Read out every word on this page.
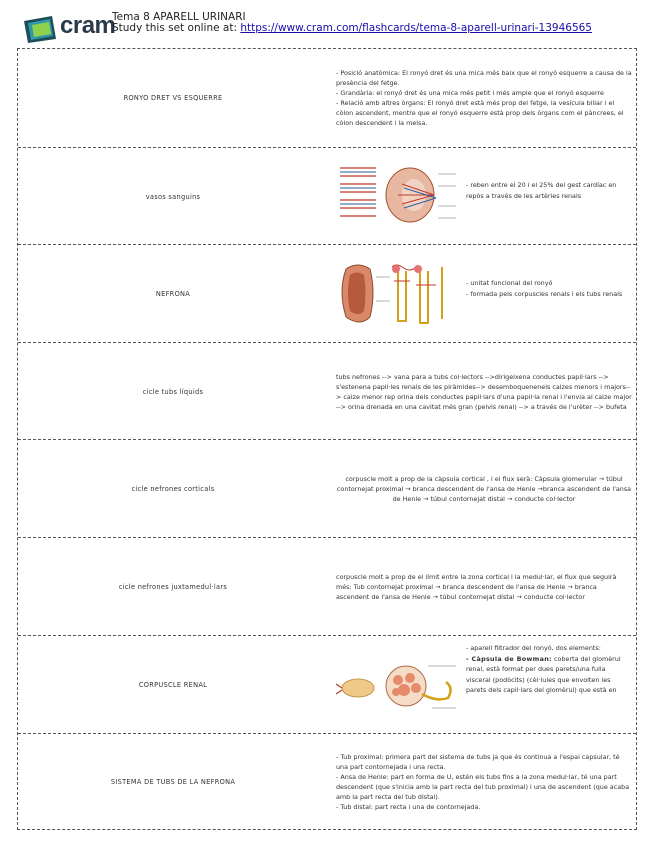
cram
Tema 8 APARELL URINARI
Study this set online at: https://www.cram.com/flashcards/tema-8-aparell-urinari-13946565
RONYO DRET VS ESQUERRE

- Posició anatòmica: El ronyó dret és una mica més baix que el ronyó esquerre a causa de la presència del fetge.

- Grandària: el ronyó dret és una mica més petit i més ample que el ronyó esquerre

- Relació amb altres òrgans: El ronyó dret està més prop del fetge, la vesícula biliar i el còlon ascendent, mentre que el ronyó esquerre està prop dels òrgans com el pàncrees, el còlon descendent i la melsa.

vasos sanguins
- reben entre el 20 i el 25% del gest cardíac en repòs a través de les artèries renals
NEFRONA
- unitat funcional del ronyó
- formada pels corpuscles renals i els tubs renals
cicle tubs líquids

tubs nefrones --> vana para a tubs col·lectors -->dirigeixena conductes papil·lars --> s'estenena papil·les renals de les piràmides--> desemboquenenels calzes menors i majors--> calze menor rep orina dels conductes papil·lars d'una papil·la renal i l'envia al calze major --> orina drenada en una cavitat més gran (pelvis renal) --> a través de l'urèter --> bufeta

cicle nefrones corticals

corpuscle molt a prop de la càpsula cortical , i el flux serà: Càpsula glomerular → túbul contornejat proximal → branca descendent de l'ansa de Henle →branca ascendent de l'ansa de Henle → túbul contornejat distal → conducte col·lector

cicle nefrones juxtamedul·lars

corpuscle molt a prop de el límit entre la zona cortical i la medul·lar, el flux que seguirà més: Tub contornejat proximal → branca descendent de l'ansa de Henle → branca ascendent de l'ansa de Henle → túbul contornejat distal → conducte col·lector

CORPUSCLE RENAL
- aparell filtrador del ronyó, dos elements:
- Càpsula de Bowman: coberta del glomèrul renal, està format per dues parets/una fulla visceral (podòcits) (cèl·lules que envolten les parets dels capil·lars del glomèrul) que està en
SISTEMA DE TUBS DE LA NEFRONA

- Tub proximal: primera part del sistema de tubs ja que és continua a l'espai capsular, té una part contornejada i una recta.

- Ansa de Henle: part en forma de U, estén els tubs fins a la zona medul·lar, té una part descendent (que s'inicia amb la part recta del tub proximal) i una de ascendent (que acaba amb la part recta del tub distal).

- Tub distal: part recta i una de contornejada.
